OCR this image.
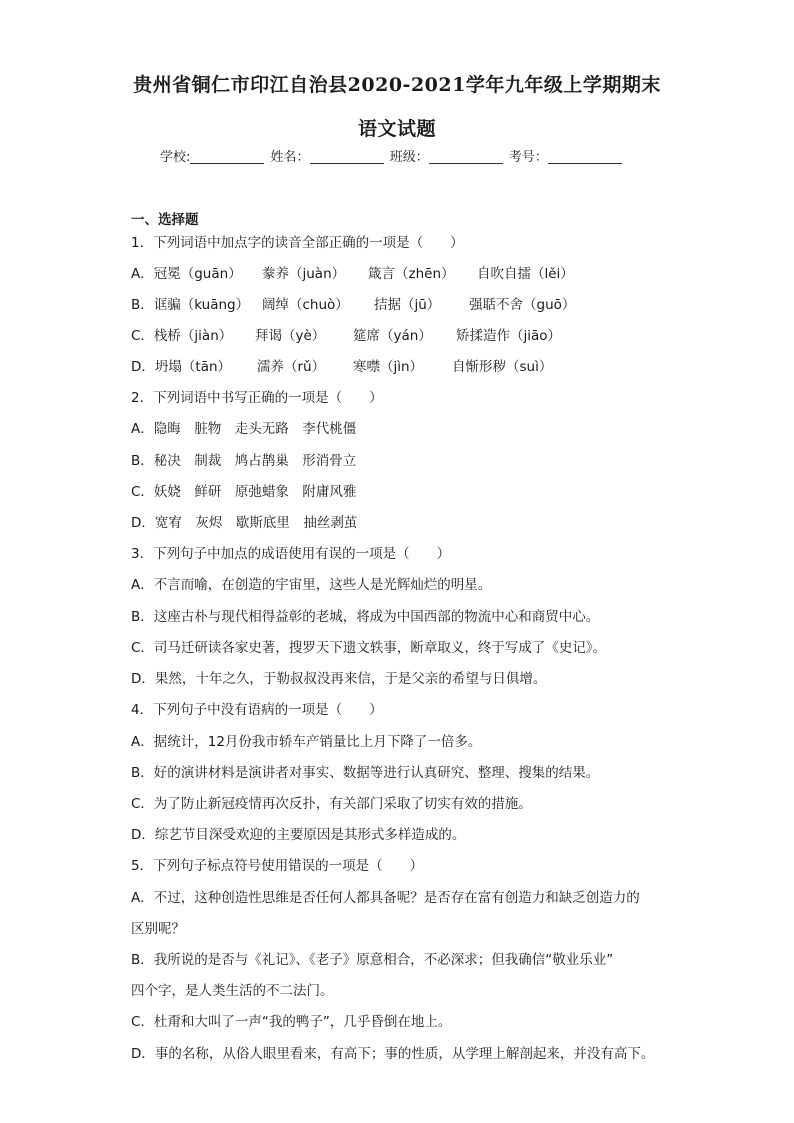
贵州省铜仁市印江自治县2020-2021学年九年级上学期期末
语文试题
学校:	姓名：	班级：	考号：
一、选择题
1．下列词语中加点字的读音全部正确的一项是（　　）
A．冠冕（guān） 豢养（juàn） 箴言（zhēn） 自吹自擂（lěi）
B．诓骗（kuāng） 阔绰（chuò） 拮据（jū） 强聒不舍（guō）
C．栈桥（jiàn） 拜谒（yè） 筵席（yán） 矫揉造作（jiāo）
D．坍塌（tān） 濡养（rǔ） 寒噤（jìn） 自惭形秽（suì）
2．下列词语中书写正确的一项是（　　）
A．隐晦　脏物　走头无路　李代桃僵
B．秘决　制裁　鸠占鹊巢　形消骨立
C．妖娆　鲜研　原弛蜡象　附庸风雅
D．宽宥　灰烬　歇斯底里　抽丝剥茧
3．下列句子中加点的成语使用有误的一项是（　　）
A．不言而喻，在创造的宇宙里，这些人是光辉灿烂的明星。
B．这座古朴与现代相得益彰的老城，将成为中国西部的物流中心和商贸中心。
C．司马迁研读各家史著，搜罗天下遗文轶事，断章取义，终于写成了《史记》。
D．果然，十年之久，于勒叔叔没再来信，于是父亲的希望与日俱增。
4．下列句子中没有语病的一项是（　　）
A．据统计，12月份我市轿车产销量比上月下降了一倍多。
B．好的演讲材料是演讲者对事实、数据等进行认真研究、整理、搜集的结果。
C．为了防止新冠疫情再次反扑，有关部门采取了切实有效的措施。
D．综艺节目深受欢迎的主要原因是其形式多样造成的。
5．下列句子标点符号使用错误的一项是（　　）
A．不过，这种创造性思维是否任何人都具备呢？是否存在富有创造力和缺乏创造力的
区别呢？
B．我所说的是否与《礼记》、《老子》原意相合，不必深求；但我确信“敬业乐业”
四个字，是人类生活的不二法门。
C．杜甭和大叫了一声“我的鸭子”，几乎昏倒在地上。
D．事的名称，从俗人眼里看来，有高下；事的性质，从学理上解剖起来，并没有高下。
